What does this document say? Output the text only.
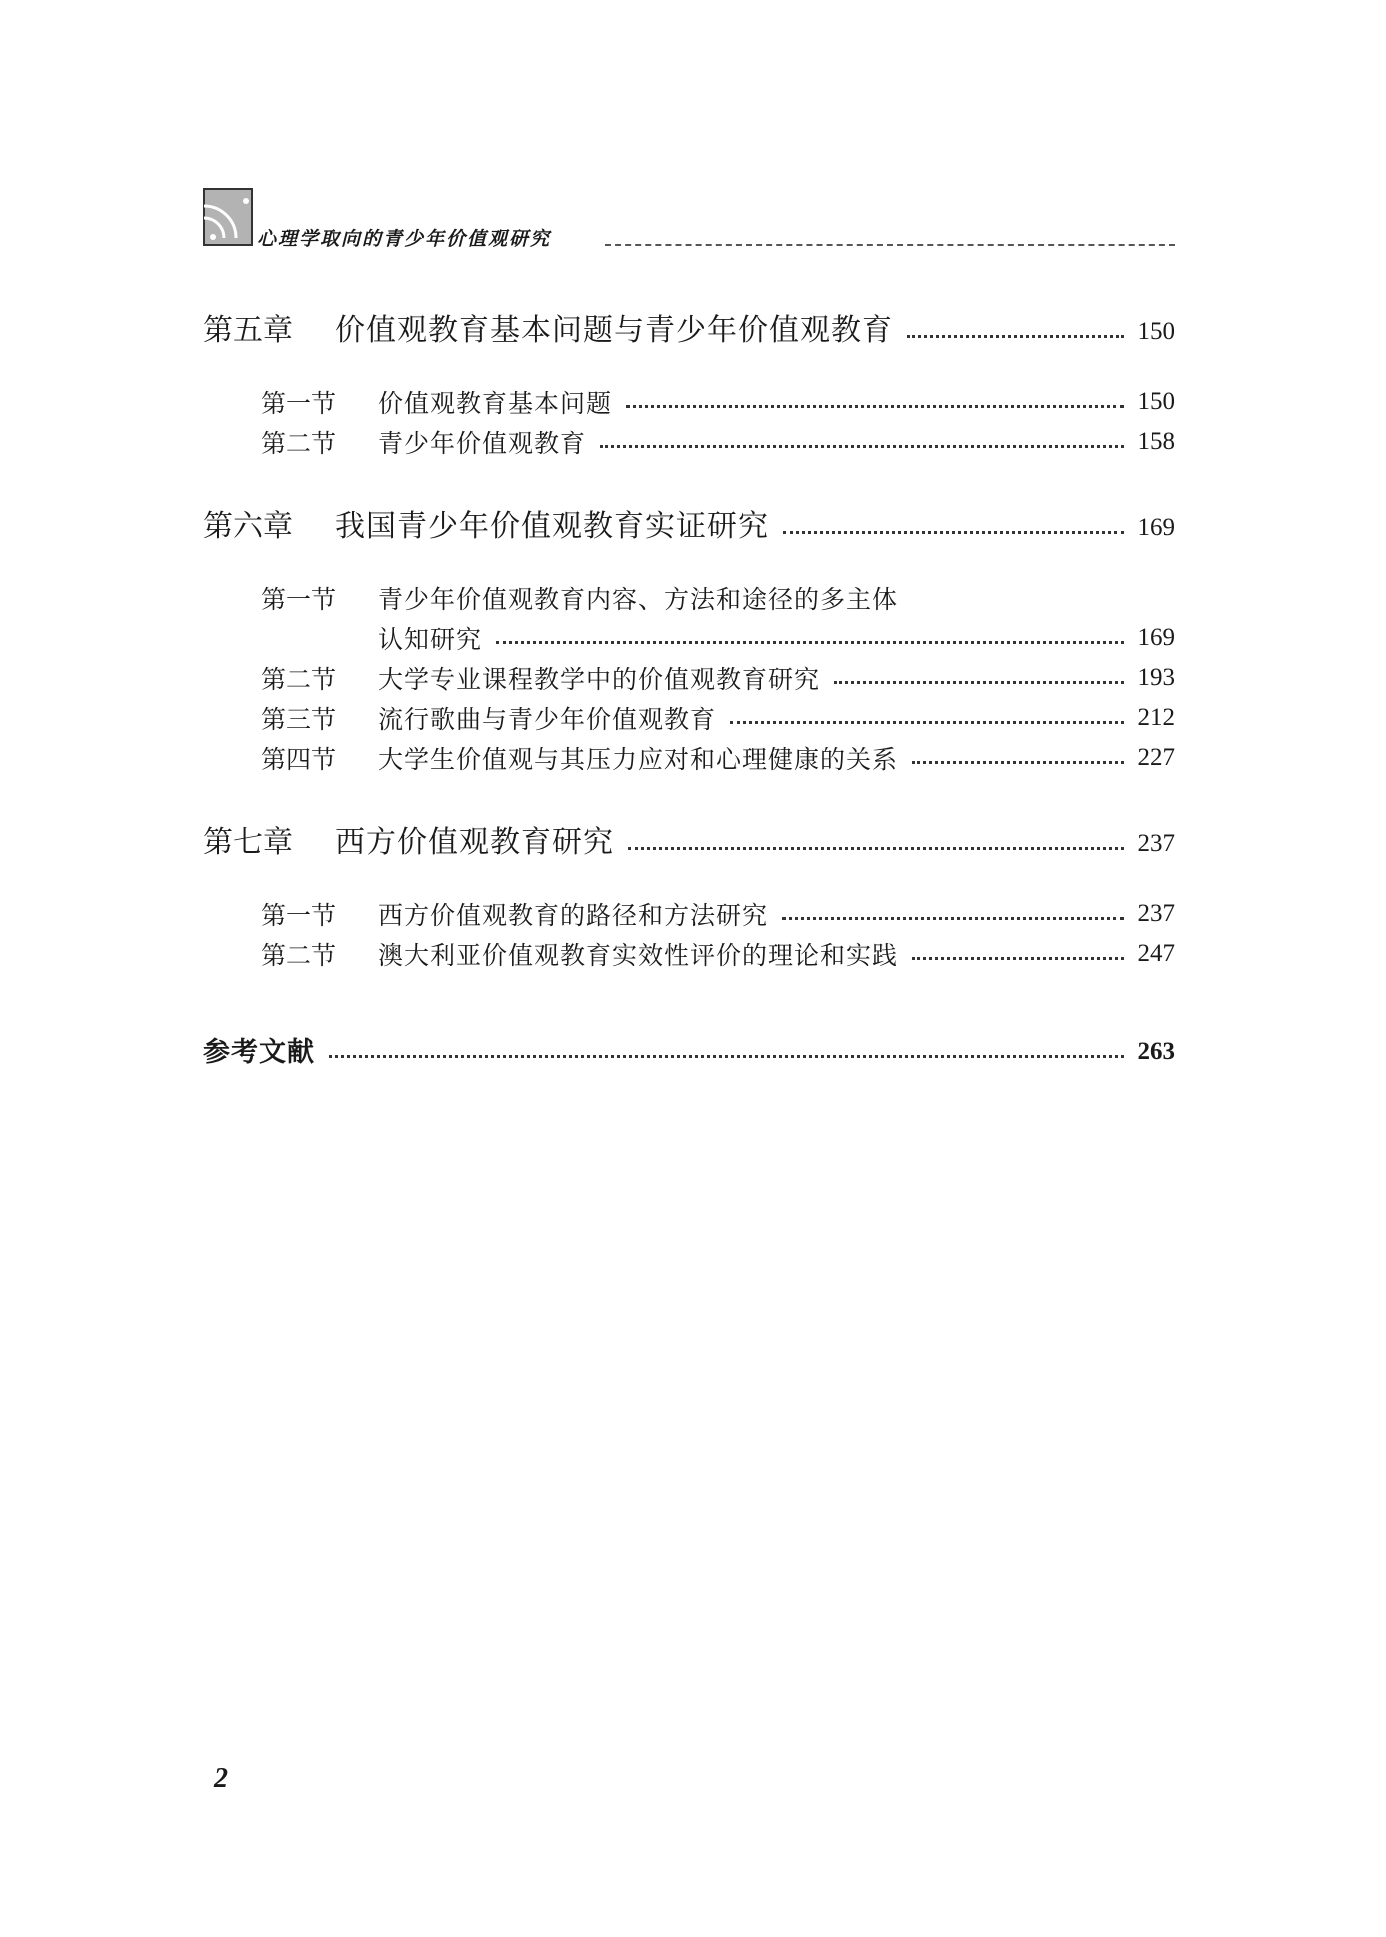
心理学取向的青少年价值观研究
第五章	价值观教育基本问题与青少年价值观教育	150
第一节	价值观教育基本问题	150
第二节	青少年价值观教育	158
第六章	我国青少年价值观教育实证研究	169
第一节	青少年价值观教育内容、方法和途径的多主体
认知研究	169
第二节	大学专业课程教学中的价值观教育研究	193
第三节	流行歌曲与青少年价值观教育	212
第四节	大学生价值观与其压力应对和心理健康的关系	227
第七章	西方价值观教育研究	237
第一节	西方价值观教育的路径和方法研究	237
第二节	澳大利亚价值观教育实效性评价的理论和实践	247
参考文献	263
2
